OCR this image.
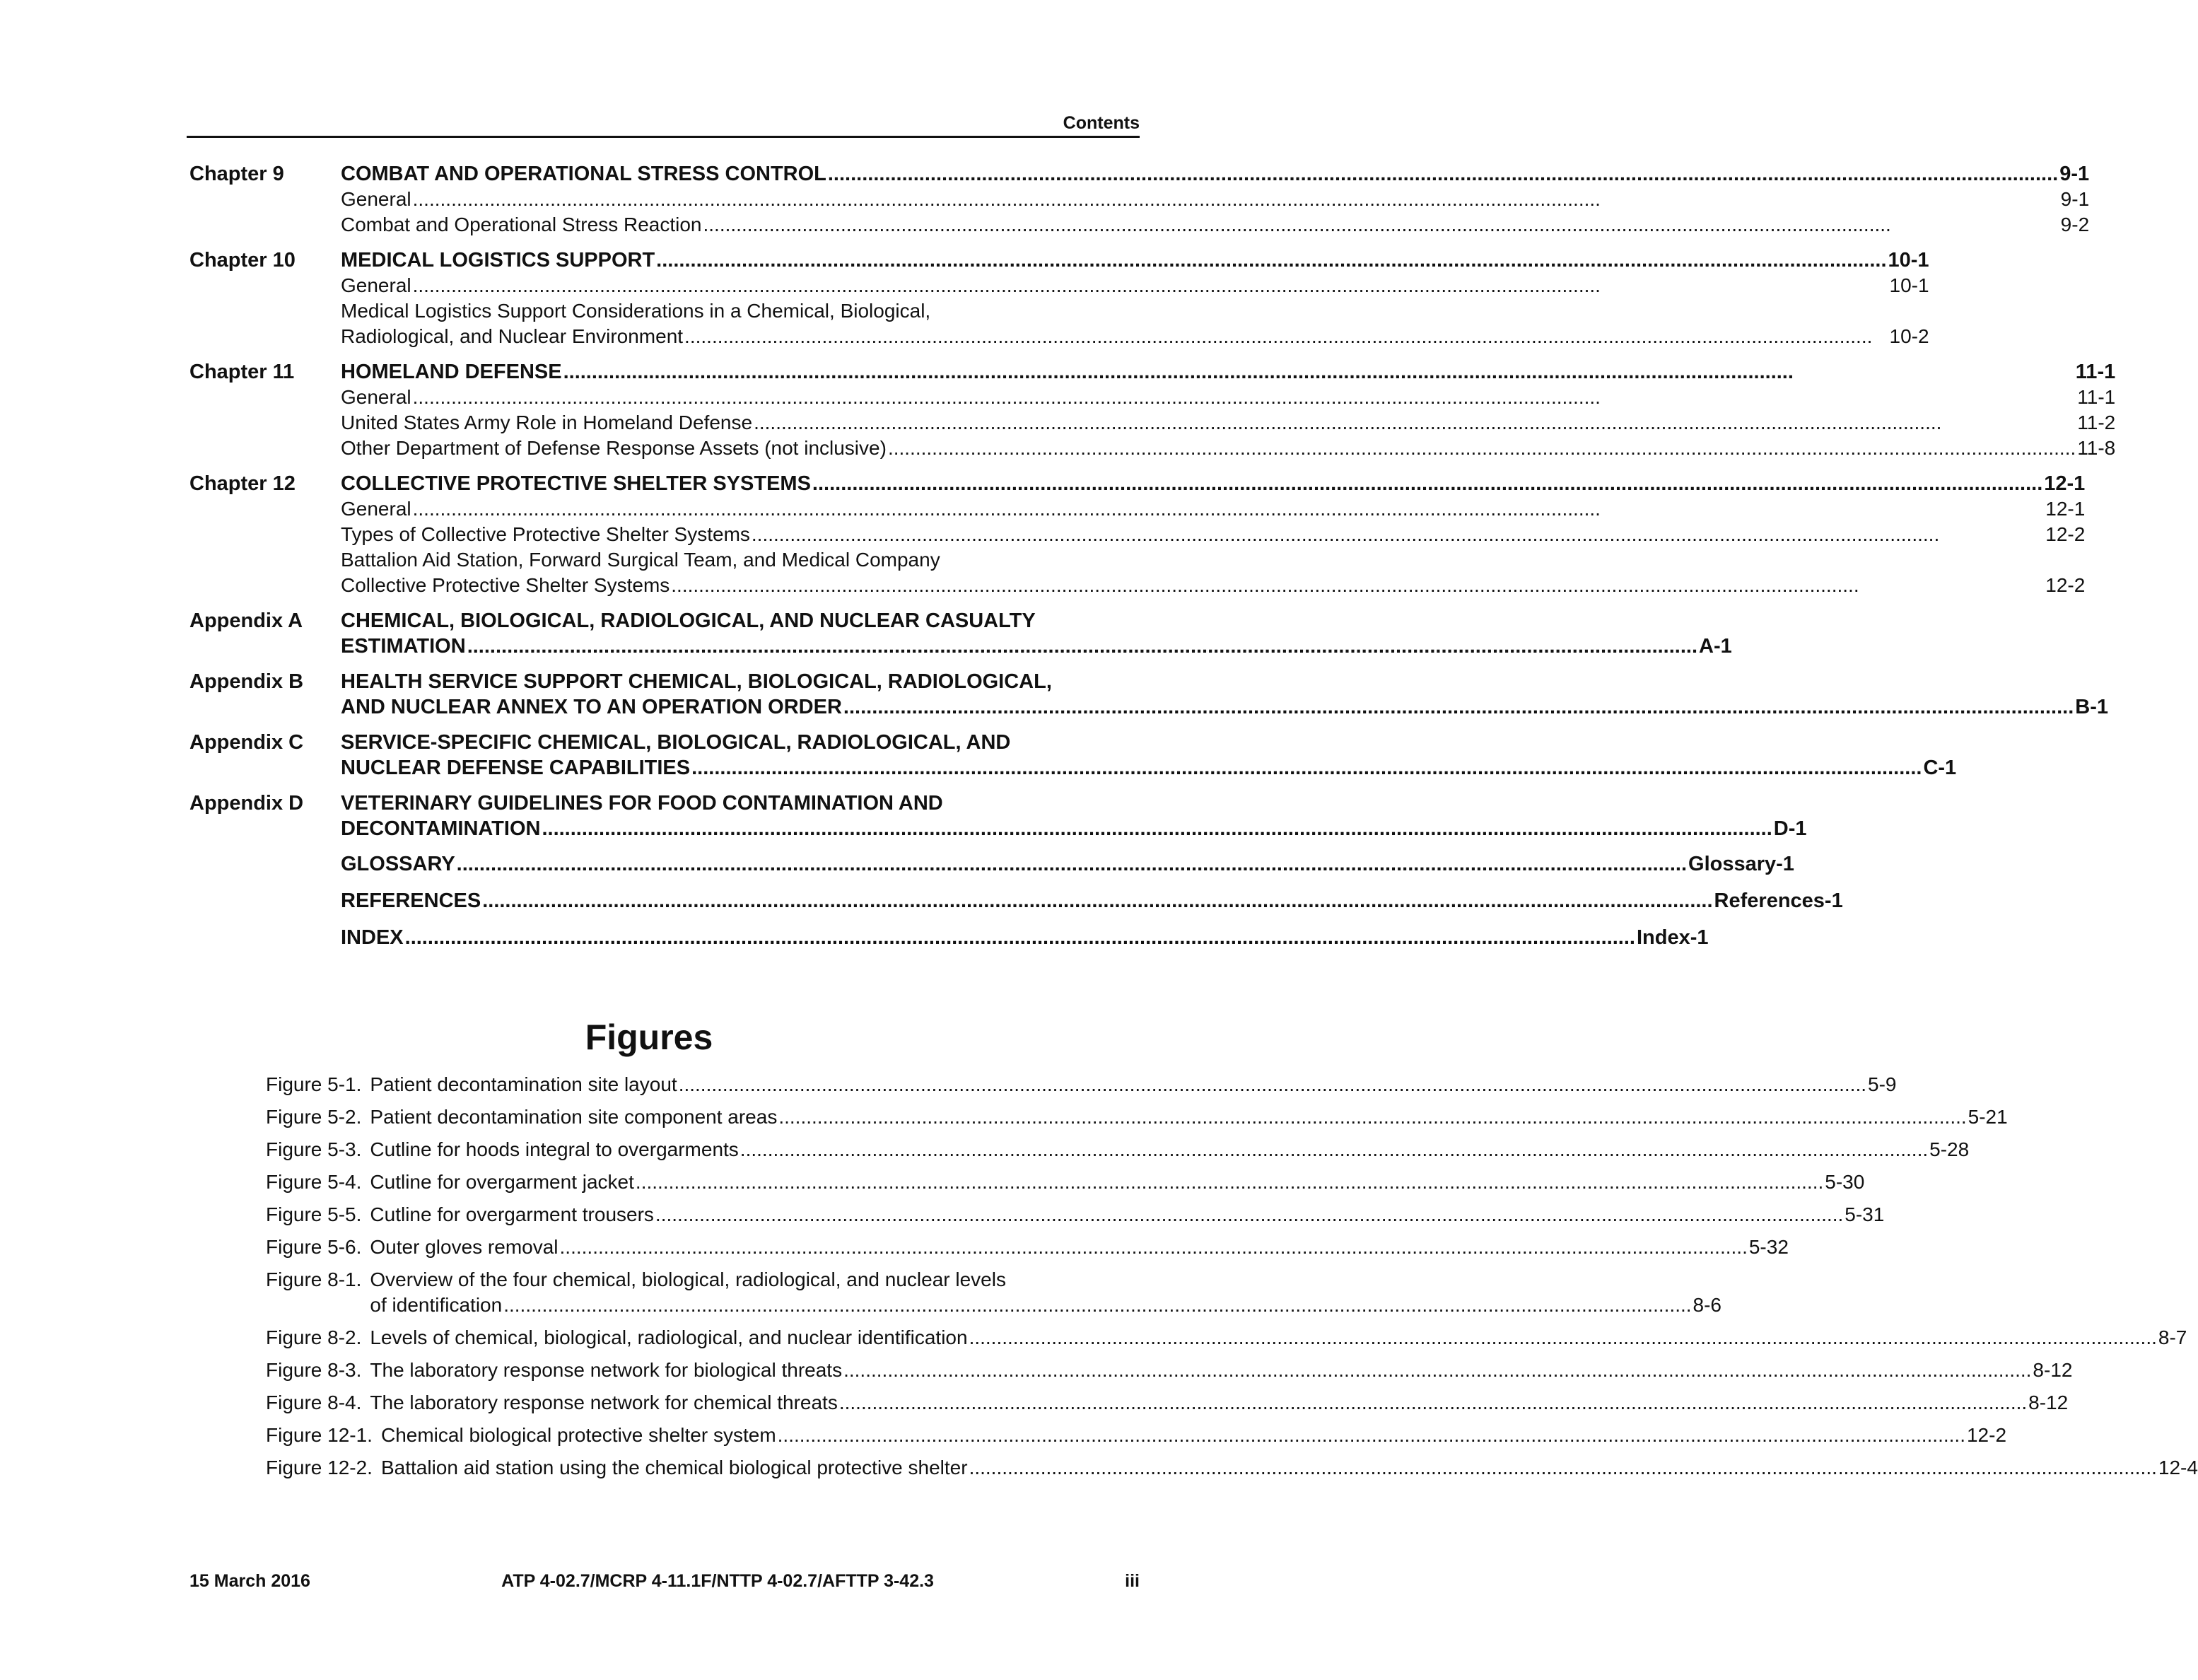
Contents
Chapter 9	COMBAT AND OPERATIONAL STRESS CONTROL .....	9-1
General .....	9-1
Combat and Operational Stress Reaction .....	9-2
Chapter 10	MEDICAL LOGISTICS SUPPORT .....	10-1
General .....	10-1
Medical Logistics Support Considerations in a Chemical, Biological,
Radiological, and Nuclear Environment .....	10-2
Chapter 11	HOMELAND DEFENSE .....	11-1
General .....	11-1
United States Army Role in Homeland Defense .....	11-2
Other Department of Defense Response Assets (not inclusive) .....	11-8
Chapter 12	COLLECTIVE PROTECTIVE SHELTER SYSTEMS .....	12-1
General .....	12-1
Types of Collective Protective Shelter Systems .....	12-2
Battalion Aid Station, Forward Surgical Team, and Medical Company
Collective Protective Shelter Systems .....	12-2
Appendix A	CHEMICAL, BIOLOGICAL, RADIOLOGICAL, AND NUCLEAR CASUALTY
ESTIMATION .....	A-1
Appendix B	HEALTH SERVICE SUPPORT CHEMICAL, BIOLOGICAL, RADIOLOGICAL,
AND NUCLEAR ANNEX TO AN OPERATION ORDER .....	B-1
Appendix C	SERVICE-SPECIFIC CHEMICAL, BIOLOGICAL, RADIOLOGICAL, AND
NUCLEAR DEFENSE CAPABILITIES .....	C-1
Appendix D	VETERINARY GUIDELINES FOR FOOD CONTAMINATION AND
DECONTAMINATION .....	D-1
GLOSSARY .....	Glossary-1
REFERENCES .....	References-1
INDEX .....	Index-1
Figures
Figure 5-1. Patient decontamination site layout .....	5-9
Figure 5-2. Patient decontamination site component areas .....	5-21
Figure 5-3. Cutline for hoods integral to overgarments .....	5-28
Figure 5-4. Cutline for overgarment jacket .....	5-30
Figure 5-5. Cutline for overgarment trousers .....	5-31
Figure 5-6. Outer gloves removal .....	5-32
Figure 8-1. Overview of the four chemical, biological, radiological, and nuclear levels
of identification .....	8-6
Figure 8-2. Levels of chemical, biological, radiological, and nuclear identification .....	8-7
Figure 8-3. The laboratory response network for biological threats .....	8-12
Figure 8-4. The laboratory response network for chemical threats .....	8-12
Figure 12-1. Chemical biological protective shelter system .....	12-2
Figure 12-2. Battalion aid station using the chemical biological protective shelter .....	12-4
15 March 2016	ATP 4-02.7/MCRP 4-11.1F/NTTP 4-02.7/AFTTP 3-42.3	iii
